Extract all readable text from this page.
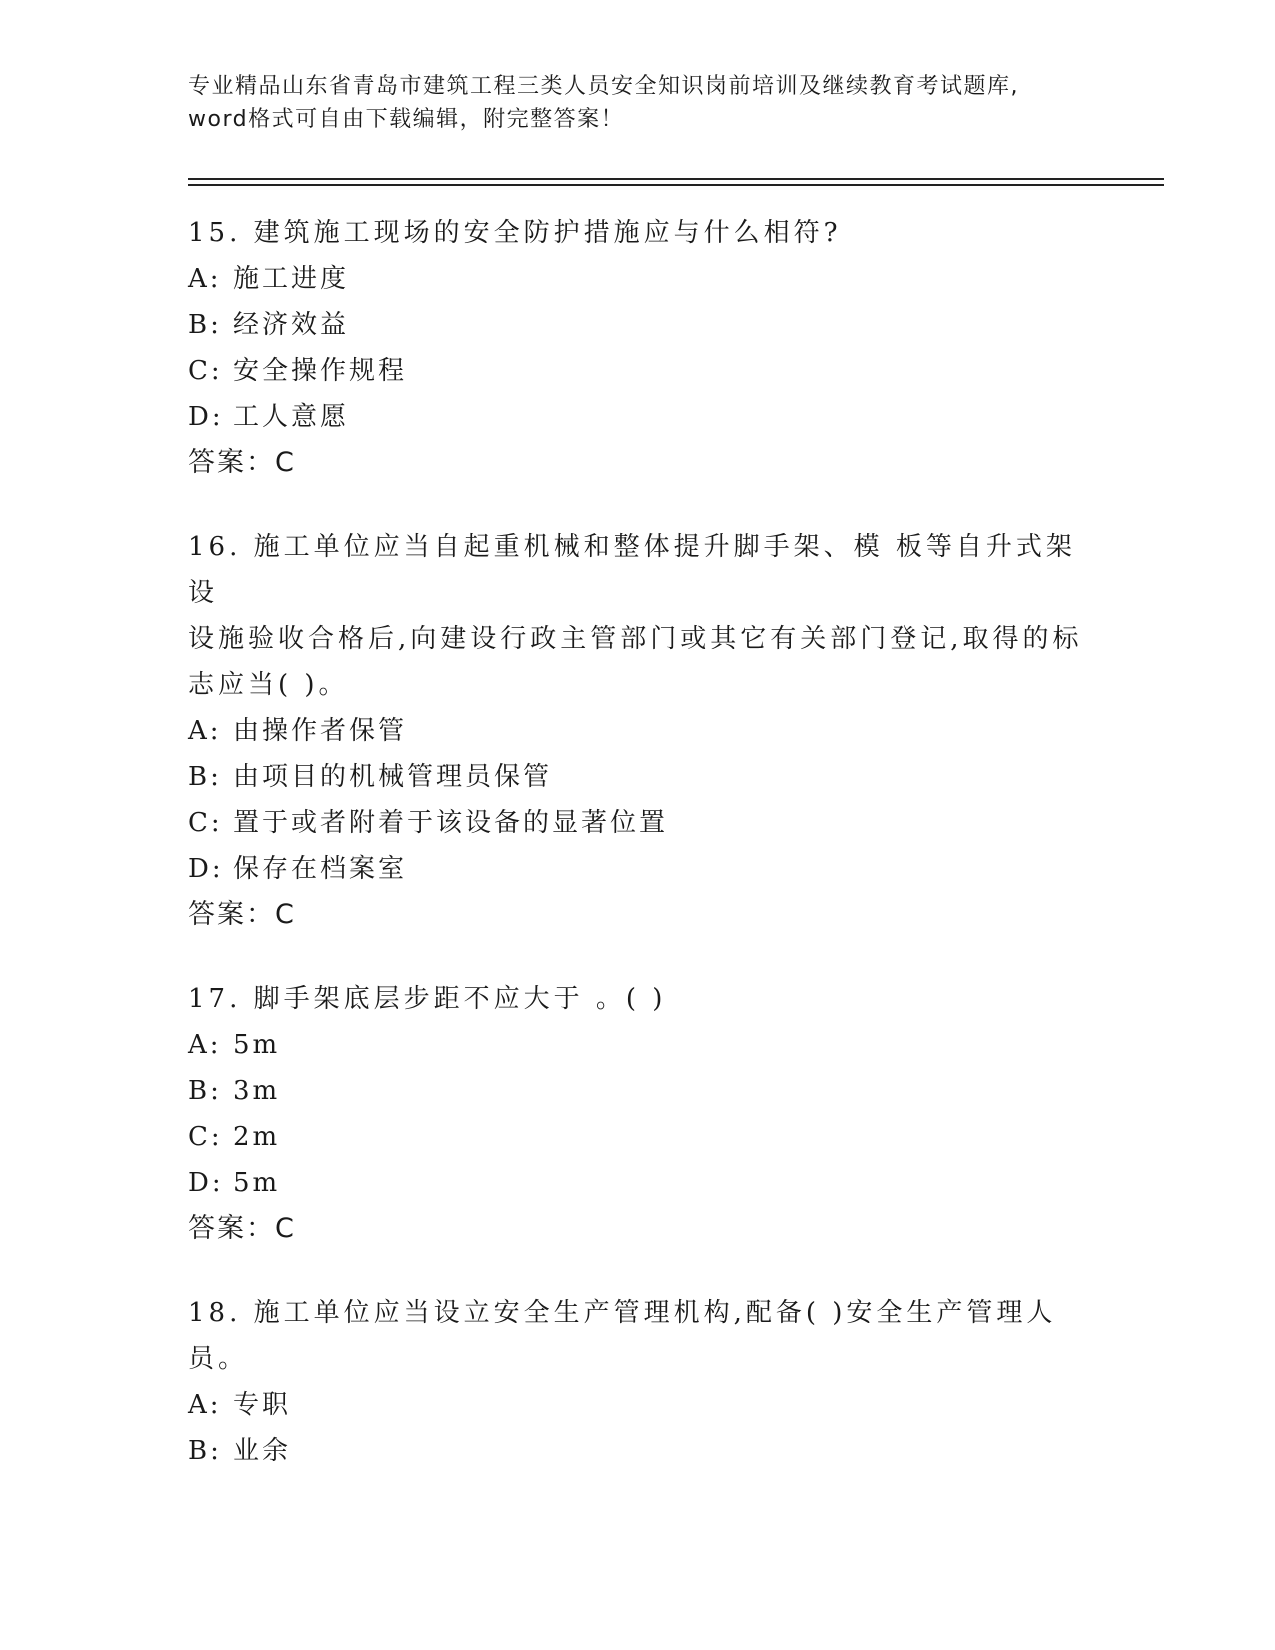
专业精品山东省青岛市建筑工程三类人员安全知识岗前培训及继续教育考试题库,
word格式可自由下载编辑，附完整答案！
15. 建筑施工现场的安全防护措施应与什么相符?
A: 施工进度
B: 经济效益
C: 安全操作规程
D: 工人意愿
答案：C
16. 施工单位应当自起重机械和整体提升脚手架、模 板等自升式架设
设施验收合格后,向建设行政主管部门或其它有关部门登记,取得的标
志应当( )。
A: 由操作者保管
B: 由项目的机械管理员保管
C: 置于或者附着于该设备的显著位置
D: 保存在档案室
答案：C
17. 脚手架底层步距不应大于 。( )
A: 5m
B: 3m
C: 2m
D: 5m
答案：C
18. 施工单位应当设立安全生产管理机构,配备( )安全生产管理人
员。
A: 专职
B: 业余
